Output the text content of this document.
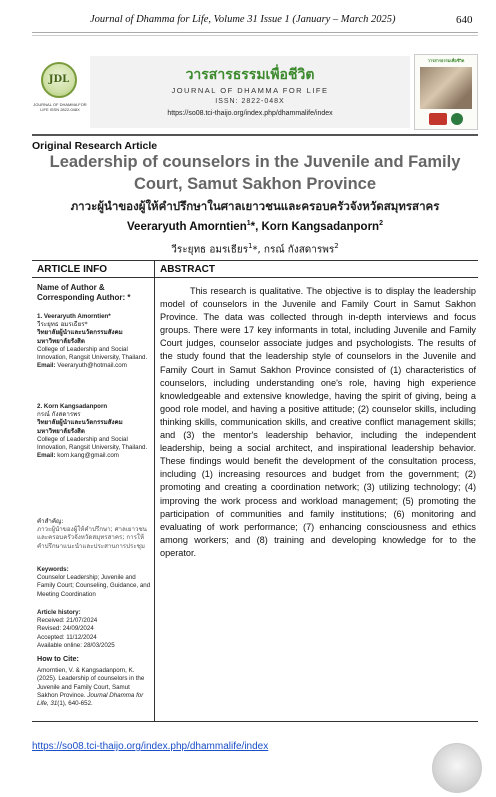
Journal of Dhamma for Life, Volume 31 Issue 1 (January – March 2025)	640
JDL
JOURNAL OF DHAMMA FOR LIFE ISSN 2822-048X
วารสารธรรมเพื่อชีวิต
JOURNAL OF DHAMMA FOR LIFE
ISSN: 2822-048X
https://so08.tci-thaijo.org/index.php/dhammalife/index
วารสารธรรมเพื่อชีวิต
Original Research Article
Leadership of counselors in the Juvenile and Family Court, Samut Sakhon Province
ภาวะผู้นำของผู้ให้คำปรึกษาในศาลเยาวชนและครอบครัวจังหวัดสมุทรสาคร
Veeraryuth Amorntien$^1$*, Korn Kangsadanporn$^2$
วีระยุทธ อมรเธียร$^1$*, กรณ์ กังสดารพร$^2$
ARTICLE INFO	ABSTRACT
Name of Author & Corresponding Author: *
1. Veeraryuth Amorntien*
วีระยุทธ อมรเธียร*
วิทยาลัยผู้นำและนวัตกรรมสังคม
มหาวิทยาลัยรังสิต
College of Leadership and Social Innovation, Rangsit University, Thailand.
Email: Veeraryuth@hotmail.com
2. Korn Kangsadanporn
กรณ์ กังสดารพร
วิทยาลัยผู้นำและนวัตกรรมสังคม
มหาวิทยาลัยรังสิต
College of Leadership and Social Innovation, Rangsit University, Thailand.
Email: korn.kang@gmail.com
คำสำคัญ:
ภาวะผู้นำของผู้ให้คำปรึกษา; ศาลเยาวชนและครอบครัวจังหวัดสมุทรสาคร; การให้คำปรึกษาแนะนำและประสานการประชุม
Keywords:
Counselor Leadership; Juvenile and Family Court; Counseling, Guidance, and Meeting Coordination
Article history:
Received: 21/07/2024
Revised: 24/09/2024
Accepted: 11/12/2024
Available online: 28/03/2025
How to Cite:
Amorntien, V. & Kangsadanporn, K. (2025). Leadership of counselors in the Juvenile and Family Court, Samut Sakhon Province. Journal Dhamma for Life, 31(1), 640-652.
This research is qualitative. The objective is to display the leadership model of counselors in the Juvenile and Family Court in Samut Sakhon Province. The data was collected through in-depth interviews and focus groups. There were 17 key informants in total, including Juvenile and Family Court judges, counselor associate judges and psychologists. The results of the study found that the leadership style of counselors in the Juvenile and Family Court in Samut Sakhon Province consisted of (1) characteristics of counselors, including understanding one's role, having high experience knowledgeable and extensive knowledge, having the spirit of giving, being a good role model, and having a positive attitude; (2) counselor skills, including thinking skills, communication skills, and creative conflict management skills; and (3) the mentor's leadership behavior, including the independent leadership, being a social architect, and inspirational leadership behavior. These findings would benefit the development of the consultation process, including (1) increasing resources and budget from the government; (2) promoting and creating a coordination network; (3) utilizing technology; (4) improving the work process and workload management; (5) promoting the participation of communities and family institutions; (6) monitoring and evaluating of work performance; (7) enhancing consciousness and ethics among workers; and (8) training and developing knowledge for to the operator.
https://so08.tci-thaijo.org/index.php/dhammalife/index
